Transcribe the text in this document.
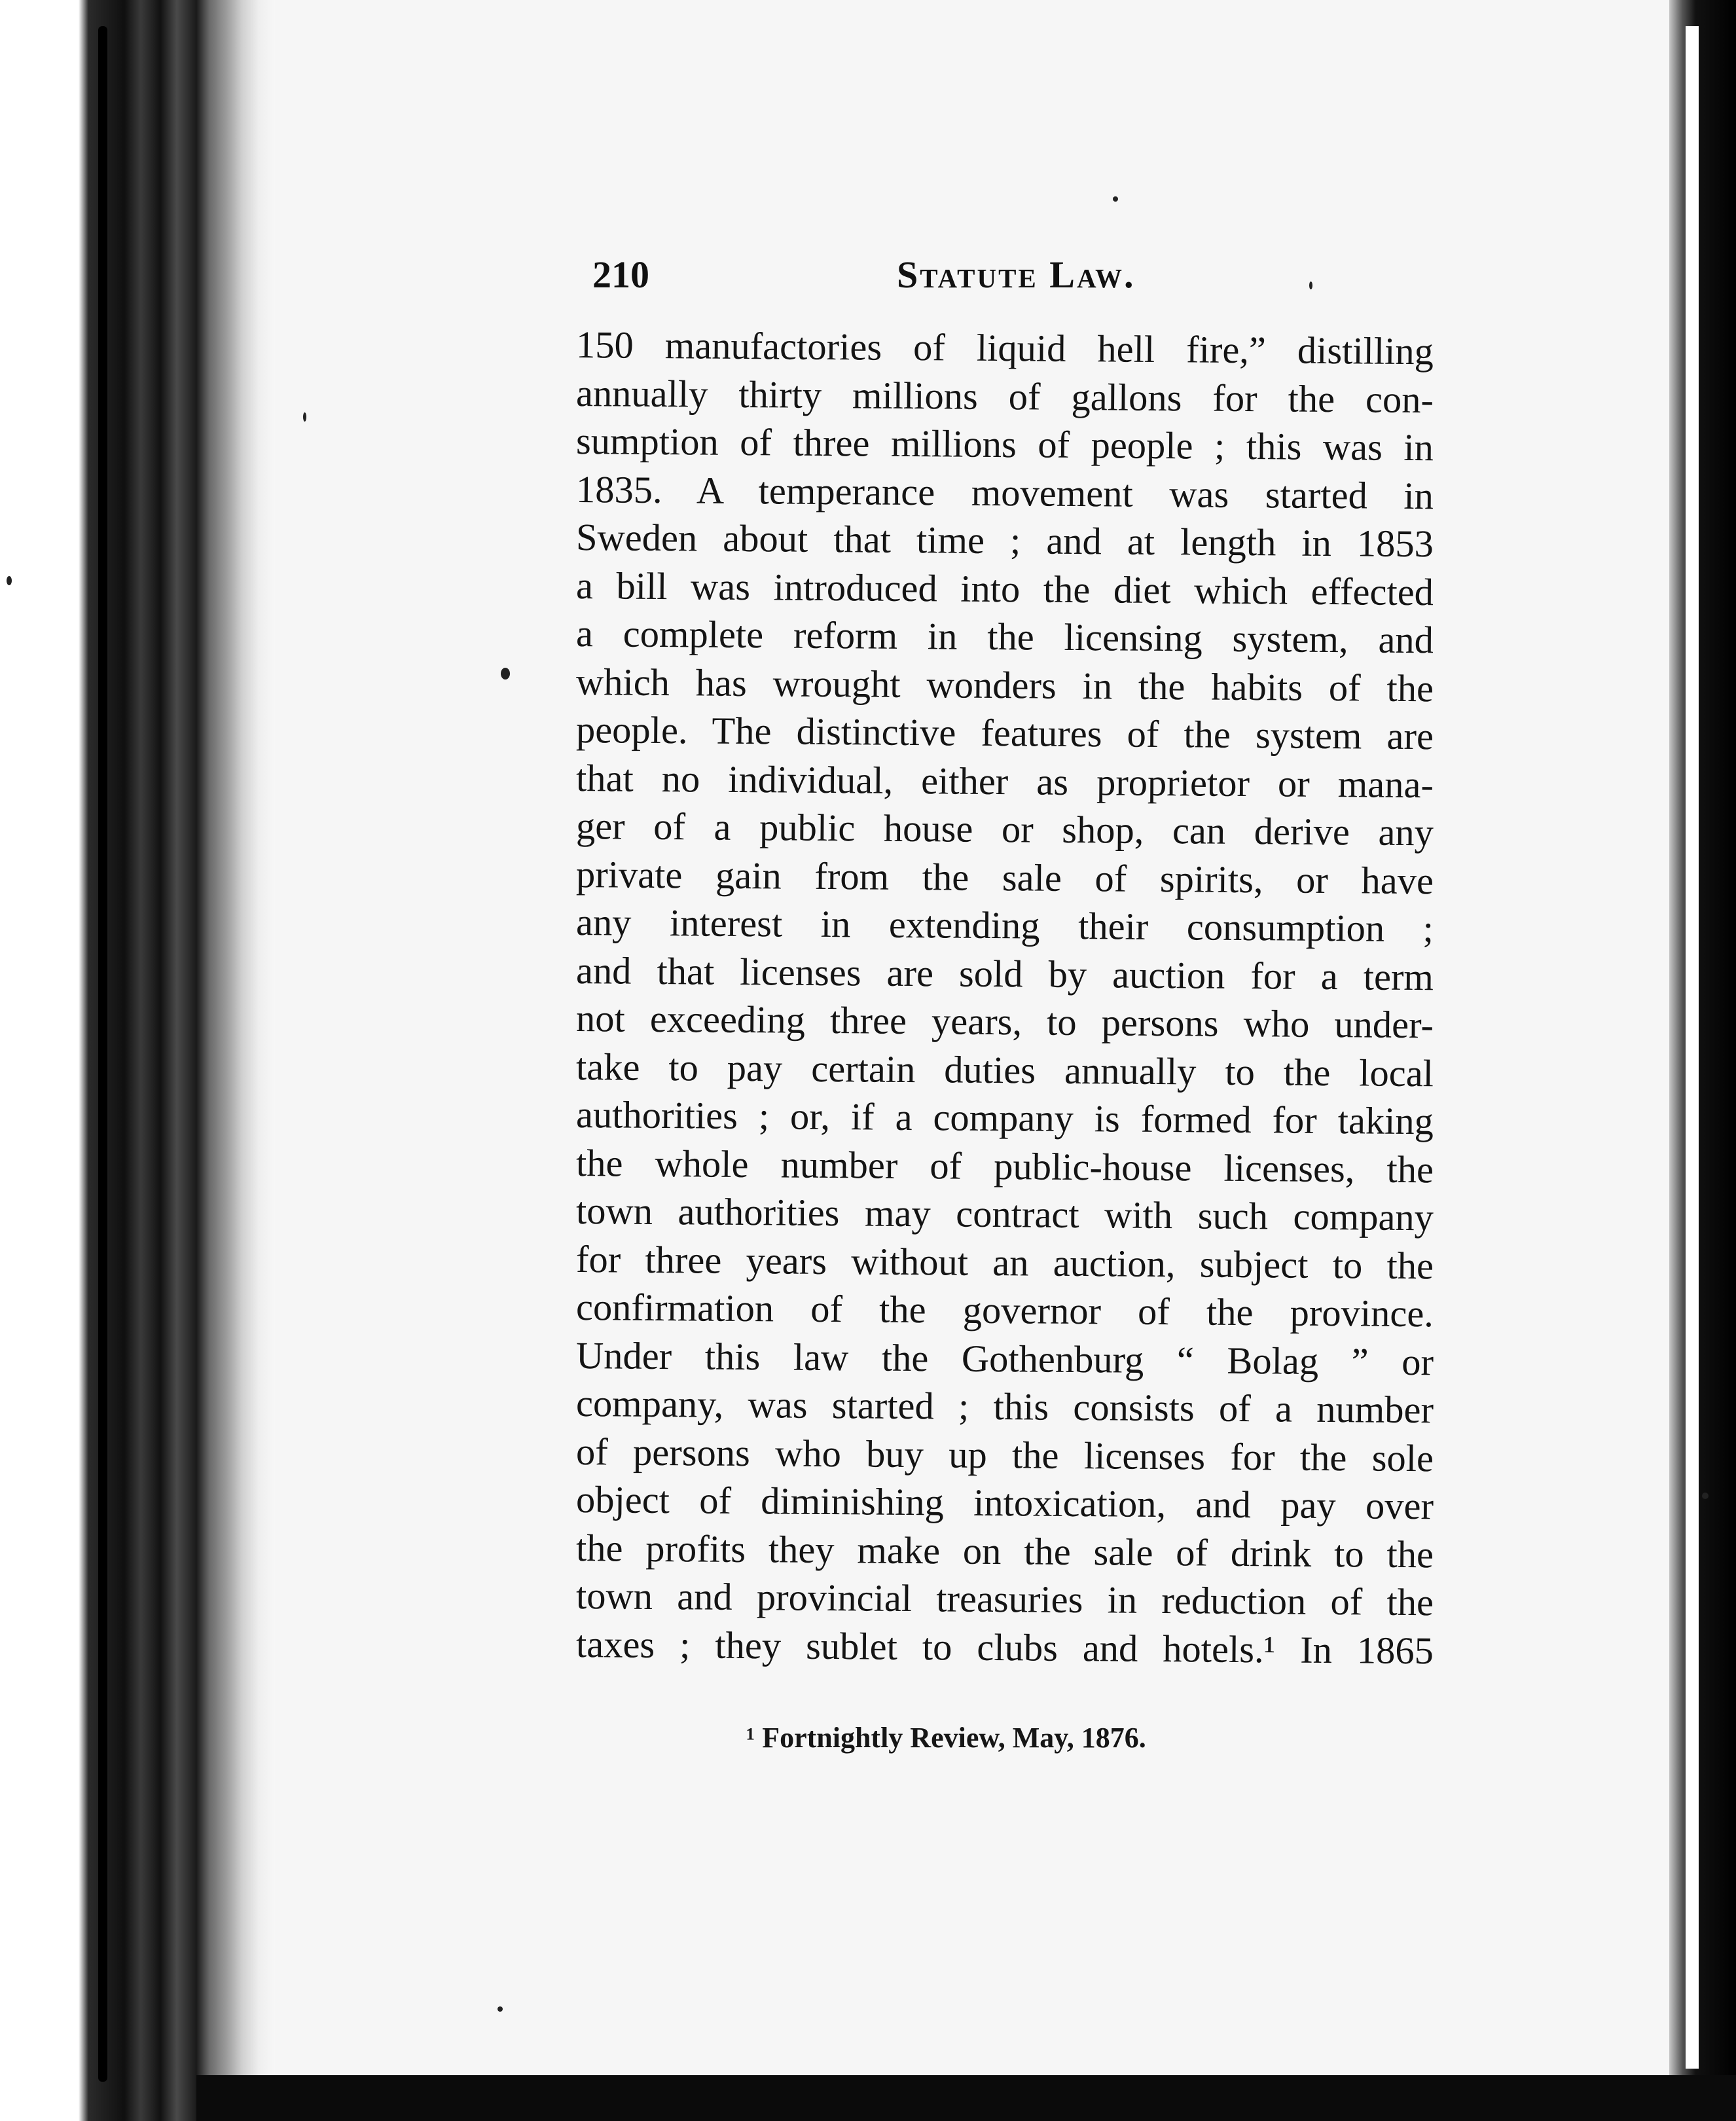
210	Statute Law.
150 manufactories of liquid hell fire,” distilling
annually thirty millions of gallons for the con-
sumption of three millions of people ; this was in
1835. A temperance movement was started in
Sweden about that time ; and at length in 1853
a bill was introduced into the diet which effected
a complete reform in the licensing system, and
which has wrought wonders in the habits of the
people. The distinctive features of the system are
that no individual, either as proprietor or mana-
ger of a public house or shop, can derive any
private gain from the sale of spirits, or have
any interest in extending their consumption ;
and that licenses are sold by auction for a term
not exceeding three years, to persons who under-
take to pay certain duties annually to the local
authorities ; or, if a company is formed for taking
the whole number of public-house licenses, the
town authorities may contract with such company
for three years without an auction, subject to the
confirmation of the governor of the province.
Under this law the Gothenburg “ Bolag ” or
company, was started ; this consists of a number
of persons who buy up the licenses for the sole
object of diminishing intoxication, and pay over
the profits they make on the sale of drink to the
town and provincial treasuries in reduction of the
taxes ; they sublet to clubs and hotels.¹ In 1865
¹ Fortnightly Review, May, 1876.
